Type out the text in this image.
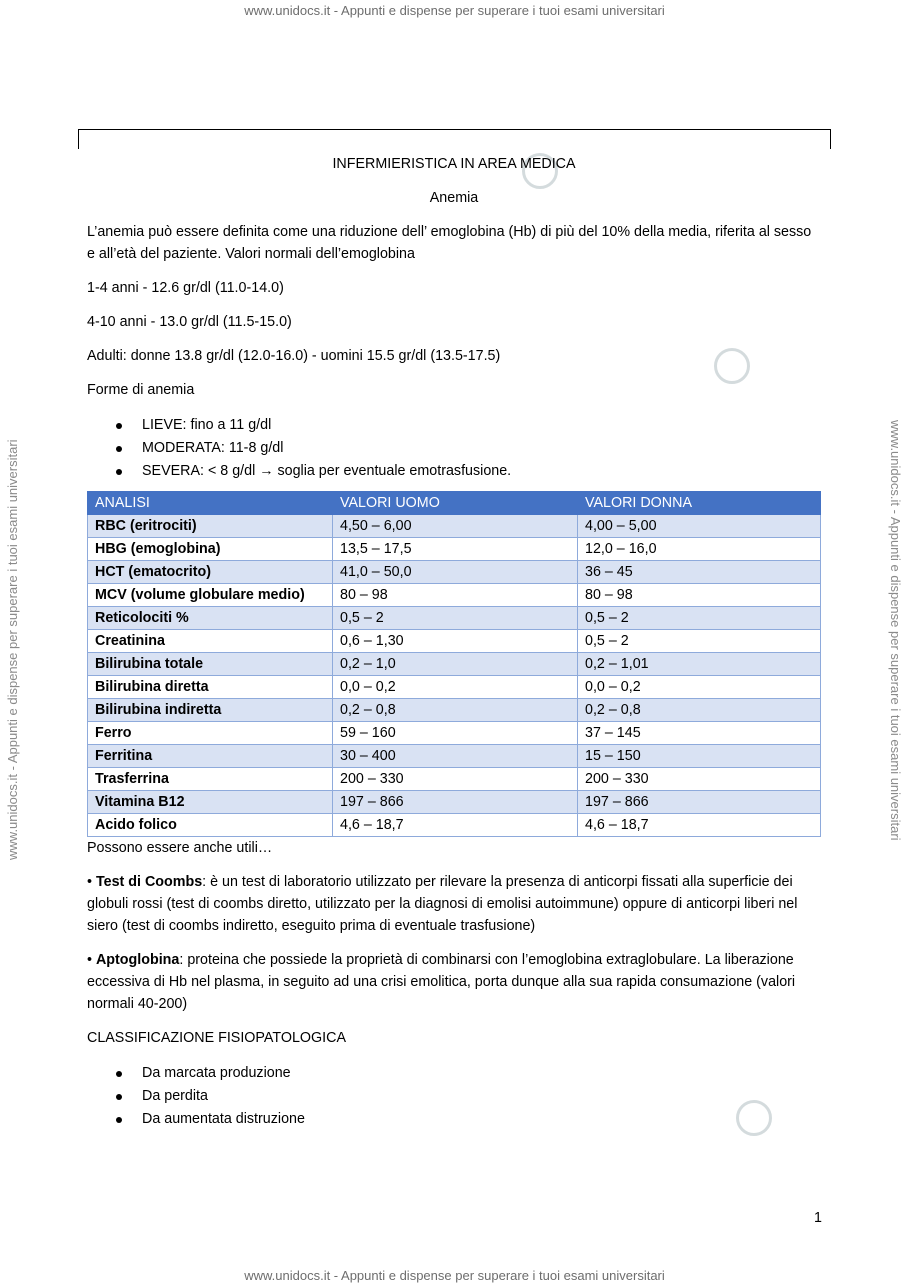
www.unidocs.it - Appunti e dispense per superare i tuoi esami universitari
www.unidocs.it - Appunti e dispense per superare i tuoi esami universitari	www.unidocs.it - Appunti e dispense per superare i tuoi esami universitari

INFERMIERISTICA IN AREA MEDICA

Anemia

L’anemia può essere definita come una riduzione dell’ emoglobina (Hb) di più del 10% della media, riferita al sesso e all’età del paziente. Valori normali dell’emoglobina

1-4 anni - 12.6 gr/dl (11.0-14.0)

4-10 anni - 13.0 gr/dl (11.5-15.0)

Adulti: donne 13.8 gr/dl (12.0-16.0) - uomini 15.5 gr/dl (13.5-17.5)

Forme di anemia

LIEVE: fino a 11 g/dl
MODERATA: 11-8 g/dl
SEVERA: < 8 g/dl → soglia per eventuale emotrasfusione.
ANALISI	VALORI UOMO	VALORI DONNA
RBC (eritrociti)	4,50 – 6,00	4,00 – 5,00
HBG (emoglobina)	13,5 – 17,5	12,0 – 16,0
HCT (ematocrito)	41,0 – 50,0	36 – 45
MCV (volume globulare medio)	80 – 98	80 – 98
Reticolociti %	0,5 – 2	0,5 – 2
Creatinina	0,6 – 1,30	0,5 – 2
Bilirubina totale	0,2 – 1,0	0,2 – 1,01
Bilirubina diretta	0,0 – 0,2	0,0 – 0,2
Bilirubina indiretta	0,2 – 0,8	0,2 – 0,8
Ferro	59 – 160	37 – 145
Ferritina	30 – 400	15 – 150
Trasferrina	200 – 330	200 – 330
Vitamina B12	197 – 866	197 – 866
Acido folico	4,6 – 18,7	4,6 – 18,7

Possono essere anche utili…

• Test di Coombs: è un test di laboratorio utilizzato per rilevare la presenza di anticorpi fissati alla superficie dei globuli rossi (test di coombs diretto, utilizzato per la diagnosi di emolisi autoimmune) oppure di anticorpi liberi nel siero (test di coombs indiretto, eseguito prima di eventuale trasfusione)

• Aptoglobina: proteina che possiede la proprietà di combinarsi con l’emoglobina extraglobulare. La liberazione eccessiva di Hb nel plasma, in seguito ad una crisi emolitica, porta dunque alla sua rapida consumazione (valori normali 40-200)

CLASSIFICAZIONE FISIOPATOLOGICA

Da marcata produzione
Da perdita
Da aumentata distruzione
1
www.unidocs.it - Appunti e dispense per superare i tuoi esami universitari
